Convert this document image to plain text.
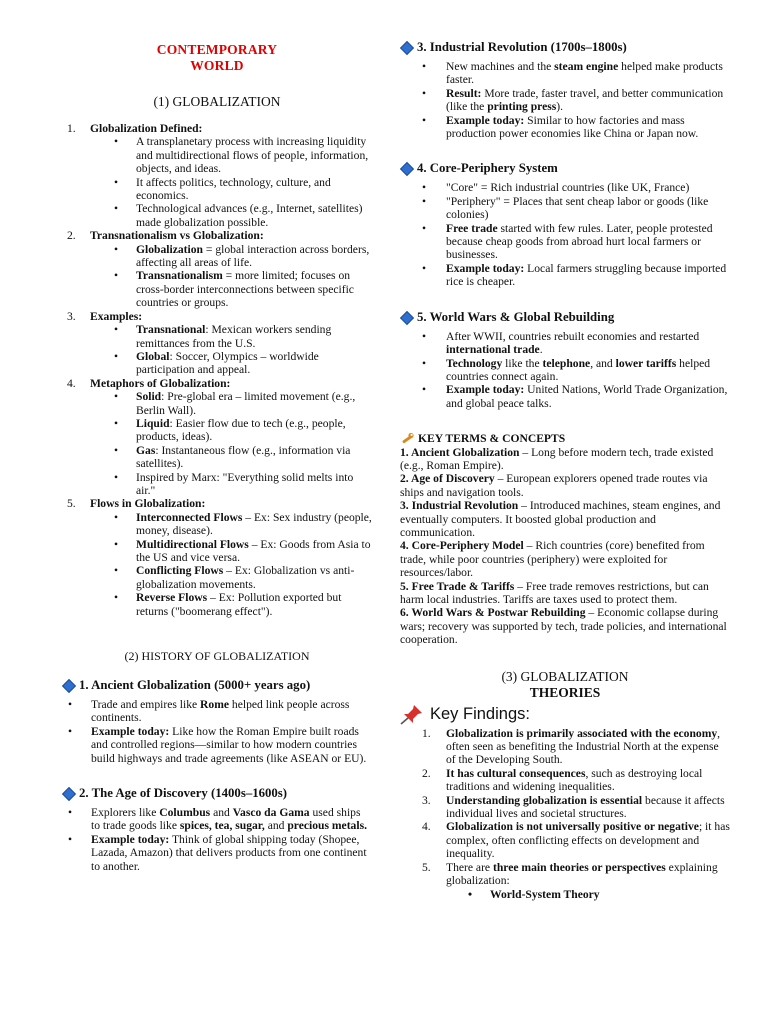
CONTEMPORARY
WORLD
(1) GLOBALIZATION
1. Globalization Defined:
• A transplanetary process with increasing liquidity and multidirectional flows of people, information, objects, and ideas.
• It affects politics, technology, culture, and economics.
• Technological advances (e.g., Internet, satellites) made globalization possible.
2. Transnationalism vs Globalization:
• Globalization = global interaction across borders, affecting all areas of life.
• Transnationalism = more limited; focuses on cross-border interconnections between specific countries or groups.
3. Examples:
• Transnational: Mexican workers sending remittances from the U.S.
• Global: Soccer, Olympics – worldwide participation and appeal.
4. Metaphors of Globalization:
• Solid: Pre-global era – limited movement (e.g., Berlin Wall).
• Liquid: Easier flow due to tech (e.g., people, products, ideas).
• Gas: Instantaneous flow (e.g., information via satellites).
• Inspired by Marx: "Everything solid melts into air."
5. Flows in Globalization:
• Interconnected Flows – Ex: Sex industry (people, money, disease).
• Multidirectional Flows – Ex: Goods from Asia to the US and vice versa.
• Conflicting Flows – Ex: Globalization vs anti-globalization movements.
• Reverse Flows – Ex: Pollution exported but returns ("boomerang effect").
(2) HISTORY OF GLOBALIZATION
1. Ancient Globalization (5000+ years ago)
• Trade and empires like Rome helped link people across continents.
• Example today: Like how the Roman Empire built roads and controlled regions—similar to how modern countries build highways and trade agreements (like ASEAN or EU).
2. The Age of Discovery (1400s–1600s)
• Explorers like Columbus and Vasco da Gama used ships to trade goods like spices, tea, sugar, and precious metals.
• Example today: Think of global shipping today (Shopee, Lazada, Amazon) that delivers products from one continent to another.
3. Industrial Revolution (1700s–1800s)
• New machines and the steam engine helped make products faster.
• Result: More trade, faster travel, and better communication (like the printing press).
• Example today: Similar to how factories and mass production power economies like China or Japan now.
4. Core-Periphery System
• "Core" = Rich industrial countries (like UK, France)
• "Periphery" = Places that sent cheap labor or goods (like colonies)
• Free trade started with few rules. Later, people protested because cheap goods from abroad hurt local farmers or businesses.
• Example today: Local farmers struggling because imported rice is cheaper.
5. World Wars & Global Rebuilding
• After WWII, countries rebuilt economies and restarted international trade.
• Technology like the telephone, and lower tariffs helped countries connect again.
• Example today: United Nations, World Trade Organization, and global peace talks.
KEY TERMS & CONCEPTS
1. Ancient Globalization – Long before modern tech, trade existed (e.g., Roman Empire).
2. Age of Discovery – European explorers opened trade routes via ships and navigation tools.
3. Industrial Revolution – Introduced machines, steam engines, and eventually computers. It boosted global production and communication.
4. Core-Periphery Model – Rich countries (core) benefited from trade, while poor countries (periphery) were exploited for resources/labor.
5. Free Trade & Tariffs – Free trade removes restrictions, but can harm local industries. Tariffs are taxes used to protect them.
6. World Wars & Postwar Rebuilding – Economic collapse during wars; recovery was supported by tech, trade policies, and international cooperation.
(3) GLOBALIZATION
THEORIES
Key Findings:
1. Globalization is primarily associated with the economy, often seen as benefiting the Industrial North at the expense of the Developing South.
2. It has cultural consequences, such as destroying local traditions and widening inequalities.
3. Understanding globalization is essential because it affects individual lives and societal structures.
4. Globalization is not universally positive or negative; it has complex, often conflicting effects on development and inequality.
5. There are three main theories or perspectives explaining globalization:
• World-System Theory
